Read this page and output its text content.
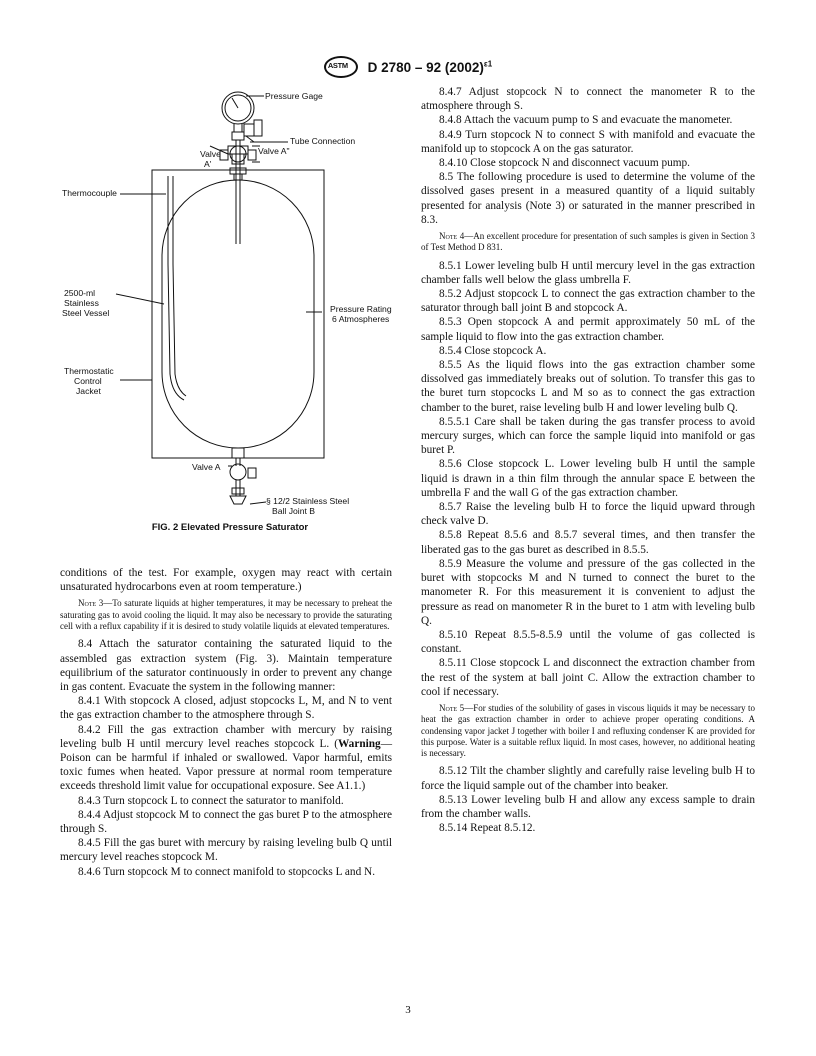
ASTM D 2780 – 92 $(2002)^{\varepsilon 1}$
Pressure Gage
Tube Connection
Valve A"
Valve
A'
Thermocouple
2500-ml
Stainless
Steel Vessel	Pressure Rating
6 Atmospheres
Thermostatic
Control
Jacket
Valve A
§ 12/2 Stainless Steel
Ball Joint B
FIG. 2 Elevated Pressure Saturator

conditions of the test. For example, oxygen may react with certain unsaturated hydrocarbons even at room temperature.)

Note 3—To saturate liquids at higher temperatures, it may be necessary to preheat the saturating gas to avoid cooling the liquid. It may also be necessary to provide the saturating cell with a reflux capability if it is desired to study volatile liquids at elevated temperatures.

8.4 Attach the saturator containing the saturated liquid to the assembled gas extraction system (Fig. 3). Maintain temperature equilibrium of the saturator continuously in order to prevent any change in gas content. Evacuate the system in the following manner:

8.4.1 With stopcock A closed, adjust stopcocks L, M, and N to vent the gas extraction chamber to the atmosphere through S.

8.4.2 Fill the gas extraction chamber with mercury by raising leveling bulb H until mercury level reaches stopcock L. (Warning—Poison can be harmful if inhaled or swallowed. Vapor harmful, emits toxic fumes when heated. Vapor pressure at normal room temperature exceeds threshold limit value for occupational exposure. See A1.1.)

8.4.3 Turn stopcock L to connect the saturator to manifold.

8.4.4 Adjust stopcock M to connect the gas buret P to the atmosphere through S.

8.4.5 Fill the gas buret with mercury by raising leveling bulb Q until mercury level reaches stopcock M.

8.4.6 Turn stopcock M to connect manifold to stopcocks L and N.

8.4.7 Adjust stopcock N to connect the manometer R to the atmosphere through S.

8.4.8 Attach the vacuum pump to S and evacuate the manometer.

8.4.9 Turn stopcock N to connect S with manifold and evacuate the manifold up to stopcock A on the gas saturator.

8.4.10 Close stopcock N and disconnect vacuum pump.

8.5 The following procedure is used to determine the volume of the dissolved gases present in a measured quantity of a liquid suitably presented for analysis (Note 3) or saturated in the manner prescribed in 8.3.

Note 4—An excellent procedure for presentation of such samples is given in Section 3 of Test Method D 831.

8.5.1 Lower leveling bulb H until mercury level in the gas extraction chamber falls well below the glass umbrella F.

8.5.2 Adjust stopcock L to connect the gas extraction chamber to the saturator through ball joint B and stopcock A.

8.5.3 Open stopcock A and permit approximately 50 mL of the sample liquid to flow into the gas extraction chamber.

8.5.4 Close stopcock A.

8.5.5 As the liquid flows into the gas extraction chamber some dissolved gas immediately breaks out of solution. To transfer this gas to the buret turn stopcocks L and M so as to connect the gas extraction chamber to the buret, raise leveling bulb H and lower leveling bulb Q.

8.5.5.1 Care shall be taken during the gas transfer process to avoid mercury surges, which can force the sample liquid into manifold or gas buret P.

8.5.6 Close stopcock L. Lower leveling bulb H until the sample liquid is drawn in a thin film through the annular space E between the umbrella F and the wall G of the gas extraction chamber.

8.5.7 Raise the leveling bulb H to force the liquid upward through check valve D.

8.5.8 Repeat 8.5.6 and 8.5.7 several times, and then transfer the liberated gas to the gas buret as described in 8.5.5.

8.5.9 Measure the volume and pressure of the gas collected in the buret with stopcocks M and N turned to connect the buret to the manometer R. For this measurement it is convenient to adjust the pressure as read on manometer R in the buret to 1 atm with leveling bulb Q.

8.5.10 Repeat 8.5.5-8.5.9 until the volume of gas collected is constant.

8.5.11 Close stopcock L and disconnect the extraction chamber from the rest of the system at ball joint C. Allow the extraction chamber to cool if necessary.

Note 5—For studies of the solubility of gases in viscous liquids it may be necessary to heat the gas extraction chamber in order to achieve proper operating conditions. A condensing vapor jacket J together with boiler I and refluxing condenser K are provided for this purpose. Water is a suitable reflux liquid. In most cases, however, no additional heating is necessary.

8.5.12 Tilt the chamber slightly and carefully raise leveling bulb H to force the liquid sample out of the chamber into beaker.

8.5.13 Lower leveling bulb H and allow any excess sample to drain from the chamber walls.

8.5.14 Repeat 8.5.12.

3
